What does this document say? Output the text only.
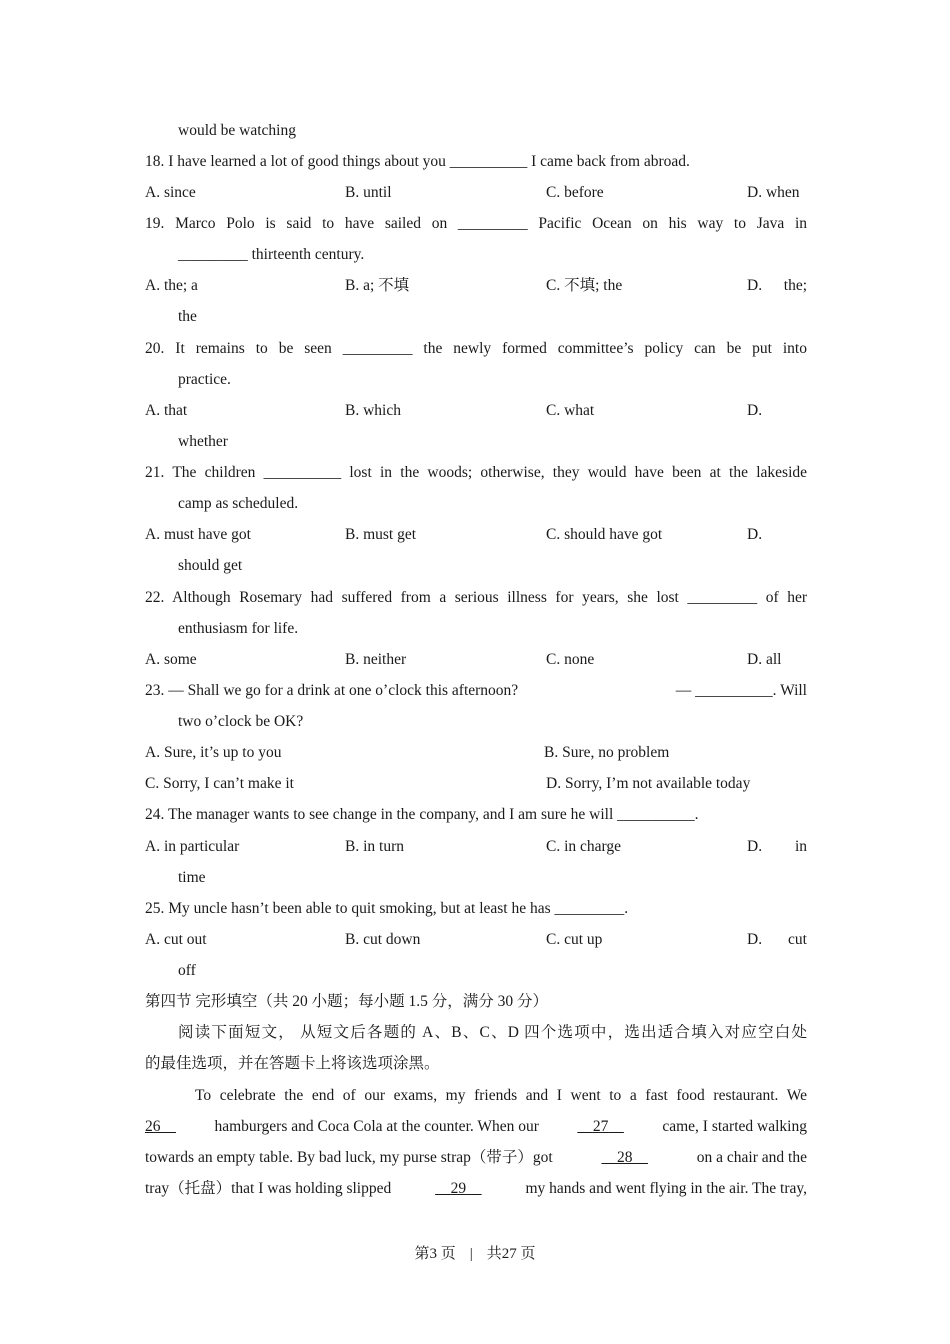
would be watching
18. I have learned a lot of good things about you __________ I came back from abroad.
A. since	B. until	C. before	D. when
19. Marco Polo is said to have sailed on _________ Pacific Ocean on his way to Java in
_________ thirteenth century.
A. the; a	B. a; 不填	C. 不填; the	D. the;
the
20. It remains to be seen _________ the newly formed committee’s policy can be put into
practice.
A. that	B. which	C. what	D.
whether
21. The children __________ lost in the woods; otherwise, they would have been at the lakeside
camp as scheduled.
A. must have got	B. must get	C. should have got	D.
should get
22. Although Rosemary had suffered from a serious illness for years, she lost _________ of her
enthusiasm for life.
A. some	B. neither	C. none	D. all
23. — Shall we go for a drink at one o’clock this afternoon?	— __________. Will
two o’clock be OK?
A. Sure, it’s up to you	B. Sure, no problem
C. Sorry, I can’t make it	D. Sorry, I’m not available today
24. The manager wants to see change in the company, and I am sure he will __________.
A. in particular	B. in turn	C. in charge	D. in
time
25. My uncle hasn’t been able to quit smoking, but at least he has _________.
A. cut out	B. cut down	C. cut up	D. cut
off
第四节 完形填空（共 20 小题；每小题 1.5 分，满分 30 分）
阅读下面短文， 从短文后各题的 A、B、C、D 四个选项中，选出适合填入对应空白处
的最佳选项，并在答题卡上将该选项涂黑。
To celebrate the end of our exams, my friends and I went to a fast food restaurant. We
26	hamburgers and Coca Cola at the counter. When our	27	came, I started walking
towards an empty table. By bad luck, my purse strap（带子）got	28	on a chair and the
tray（托盘）that I was holding slipped	29	my hands and went flying in the air. The tray,
第3 页 | 共27 页
